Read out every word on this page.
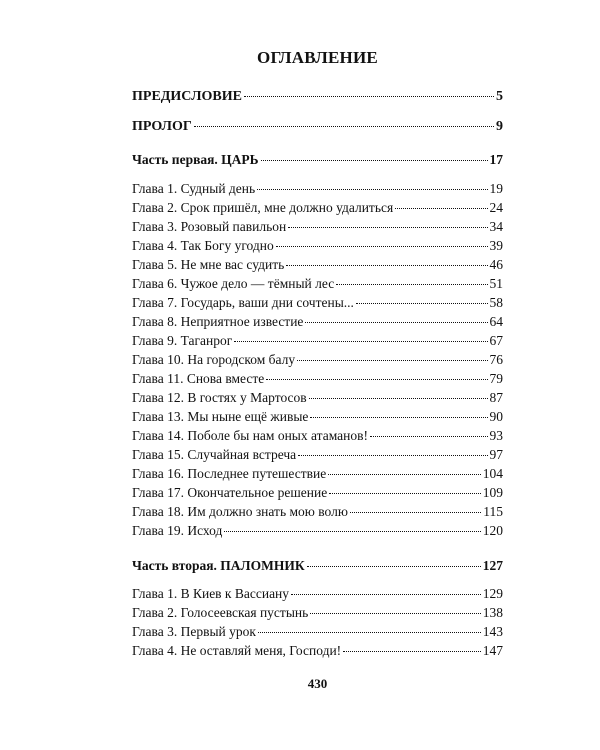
ОГЛАВЛЕНИЕ
ПРЕДИСЛОВИЕ	5
ПРОЛОГ	9
Часть первая. ЦАРЬ	17
Глава 1. Судный день	19
Глава 2. Срок пришёл, мне должно удалиться	24
Глава 3. Розовый павильон	34
Глава 4. Так Богу угодно	39
Глава 5. Не мне вас судить	46
Глава 6. Чужое дело — тёмный лес	51
Глава 7. Государь, ваши дни сочтены...	58
Глава 8. Неприятное известие	64
Глава 9. Таганрог	67
Глава 10. На городском балу	76
Глава 11. Снова вместе	79
Глава 12. В гостях у Мартосов	87
Глава 13. Мы ныне ещё живые	90
Глава 14. Поболе бы нам оных атаманов!	93
Глава 15. Случайная встреча	97
Глава 16. Последнее путешествие	104
Глава 17. Окончательное решение	109
Глава 18. Им должно знать мою волю	115
Глава 19. Исход	120
Часть вторая. ПАЛОМНИК	127
Глава 1. В Киев к Вассиану	129
Глава 2. Голосеевская пустынь	138
Глава 3. Первый урок	143
Глава 4. Не оставляй меня, Господи!	147
430
